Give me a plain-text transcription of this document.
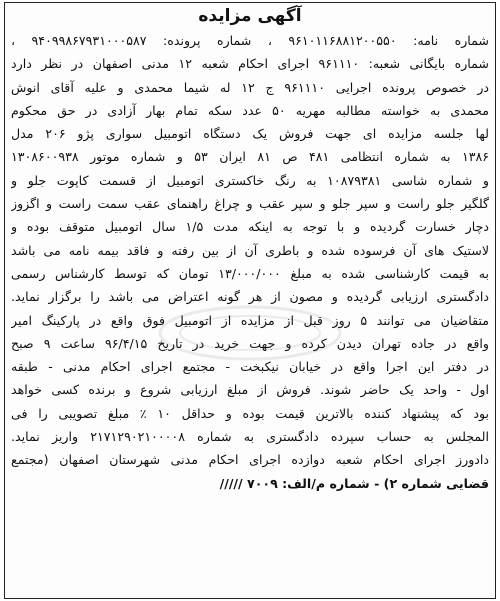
آگهی مزایده
شماره نامه: ۹۶۱۰۱۱۶۸۸۱۲۰۰۵۵۰ ، شماره پرونده: ۹۴۰۹۹۸۶۷۹۳۱۰۰۰۵۸۷ ،
شماره بایگانی شعبه: ۹۶۱۱۱۰ اجرای احکام شعبه ۱۲ مدنی اصفهان در نظر دارد
در خصوص پرونده اجرایی ۹۶۱۱۱۰ ج ۱۲ له شیما محمدی و علیه آقای انوش
محمدی به خواسته مطالبه مهریه ۵۰ عدد سکه تمام بهار آزادی در حق محکوم
لها جلسه مزایده ای جهت فروش یک دستگاه اتومبیل سواری پژو ۲۰۶ مدل
۱۳۸۶ به شماره انتظامی ۴۸۱ ص ۸۱ ایران ۵۳ و شماره موتور ۱۳۰۸۶۰۰۹۳۸
و شماره شاسی ۱۰۸۷۹۳۸۱ به رنگ خاکستری اتومبیل از قسمت کاپوت جلو و
گلگیر جلو راست و سپر جلو و سپر عقب و چراغ راهنمای عقب سمت راست و اگزوز
دچار خسارت گردیده و با توجه به اینکه مدت ۱/۵ سال اتومبیل متوقف بوده و
لاستیک های آن فرسوده شده و باطری آن از بین رفته و فاقد بیمه نامه می باشد
به قیمت کارشناسی شده به مبلغ ۱۳/۰۰۰/۰۰۰ تومان که توسط کارشناس رسمی
دادگستری ارزیابی گردیده و مصون از هر گونه اعتراض می باشد را برگزار نماید.
متقاضیان می توانند ۵ روز قبل از مزایده از اتومبیل فوق واقع در پارکینگ امیر
واقع در جاده تهران دیدن کرده و جهت خرید در تاریخ ۹۶/۴/۱۵ ساعت ۹ صبح
در دفتر این اجرا واقع در خیابان نیکبخت - مجتمع اجرای احکام مدنی - طبقه
اول - واحد یک حاضر شوند. فروش از مبلغ ارزیابی شروع و برنده کسی خواهد
بود که پیشنهاد کننده بالاترین قیمت بوده و حداقل ۱۰ ٪ مبلغ تصویبی را فی
المجلس به حساب سپرده دادگستری به شماره ۲۱۷۱۲۹۰۲۱۰۰۰۰۸ واریز نماید.
دادورز اجرای احکام شعبه دوازده اجرای احکام مدنی شهرستان اصفهان (مجتمع
قضایی شماره ۲) - شماره م/الف: ۷۰۰۹ /////
